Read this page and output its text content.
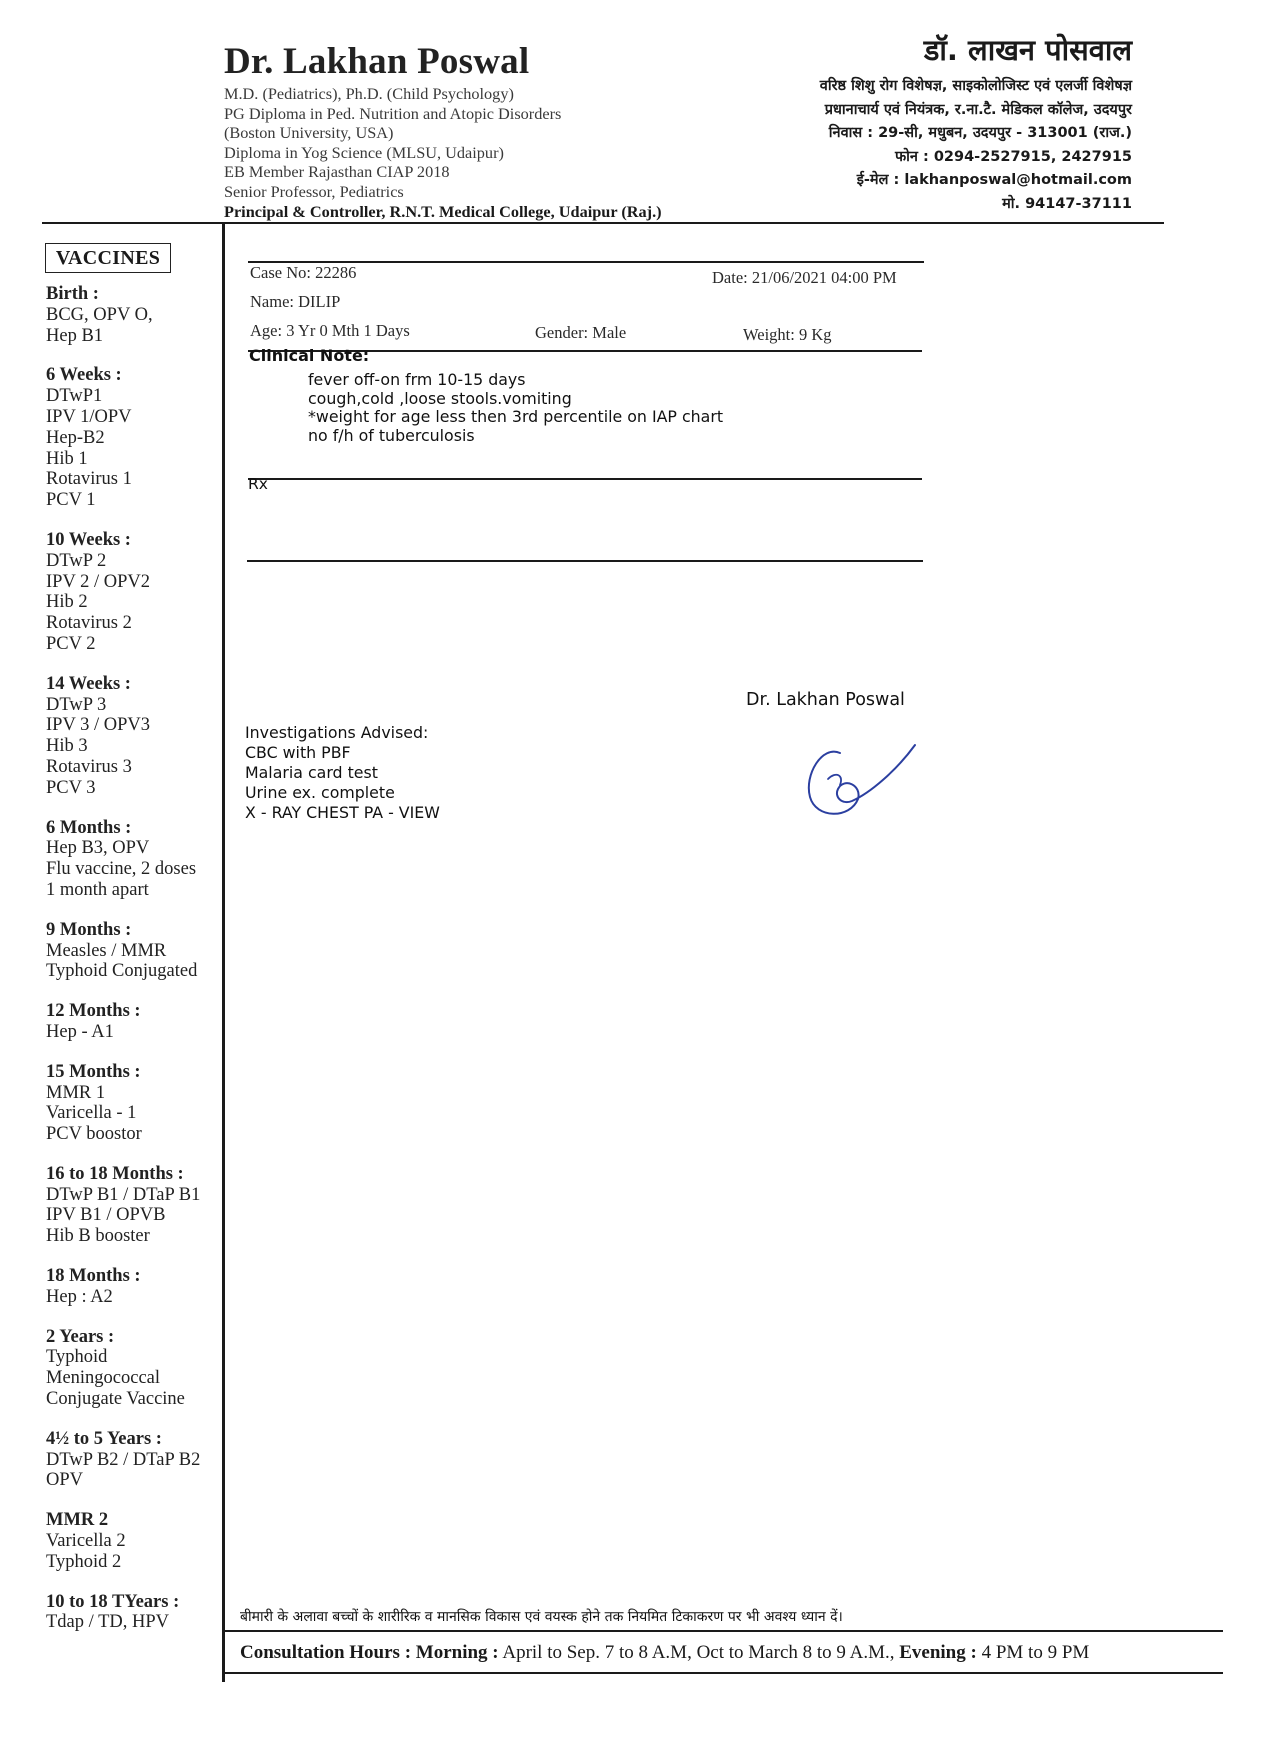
Dr. Lakhan Poswal
M.D. (Pediatrics), Ph.D. (Child Psychology)
PG Diploma in Ped. Nutrition and Atopic Disorders
(Boston University, USA)
Diploma in Yog Science (MLSU, Udaipur)
EB Member Rajasthan CIAP 2018
Senior Professor, Pediatrics
Principal & Controller, R.N.T. Medical College, Udaipur (Raj.)
डॉ. लाखन पोसवाल
वरिष्ठ शिशु रोग विशेषज्ञ, साइकोलोजिस्ट एवं एलर्जी विशेषज्ञ
प्रधानाचार्य एवं नियंत्रक, र.ना.टै. मेडिकल कॉलेज, उदयपुर
निवास : 29-सी, मधुबन, उदयपुर - 313001 (राज.)
फोन : 0294-2527915, 2427915
ई-मेल : lakhanposwal@hotmail.com
मो. 94147-37111
VACCINES
Birth :
BCG, OPV O,
Hep B1
6 Weeks :
DTwP1
IPV 1/OPV
Hep-B2
Hib 1
Rotavirus 1
PCV 1
10 Weeks :
DTwP 2
IPV 2 / OPV2
Hib 2
Rotavirus 2
PCV 2
14 Weeks :
DTwP 3
IPV 3 / OPV3
Hib 3
Rotavirus 3
PCV 3
6 Months :
Hep B3, OPV
Flu vaccine, 2 doses
1 month apart
9 Months :
Measles / MMR
Typhoid Conjugated
12 Months :
Hep - A1
15 Months :
MMR 1
Varicella - 1
PCV boostor
16 to 18 Months :
DTwP B1 / DTaP B1
IPV B1 / OPVB
Hib B booster
18 Months :
Hep : A2
2 Years :
Typhoid
Meningococcal
Conjugate Vaccine
4½ to 5 Years :
DTwP B2 / DTaP B2
OPV
MMR 2
Varicella 2
Typhoid 2
10 to 18 TYears :
Tdap / TD, HPV
Case No: 22286	Date: 21/06/2021 04:00 PM
Name: DILIP
Age: 3 Yr 0 Mth 1 Days	Gender: Male	Weight: 9 Kg
Clinical Note:
fever off-on frm 10-15 days
cough,cold ,loose stools.vomiting
*weight for age less then 3rd percentile on IAP chart
no f/h of tuberculosis
Rx
Dr. Lakhan Poswal
Investigations Advised:
CBC with PBF
Malaria card test
Urine ex. complete
X - RAY CHEST PA - VIEW
बीमारी के अलावा बच्चों के शारीरिक व मानसिक विकास एवं वयस्क होने तक नियमित टिकाकरण पर भी अवश्य ध्यान दें।
Consultation Hours : Morning : April to Sep. 7 to 8 A.M, Oct to March 8 to 9 A.M., Evening : 4 PM to 9 PM
